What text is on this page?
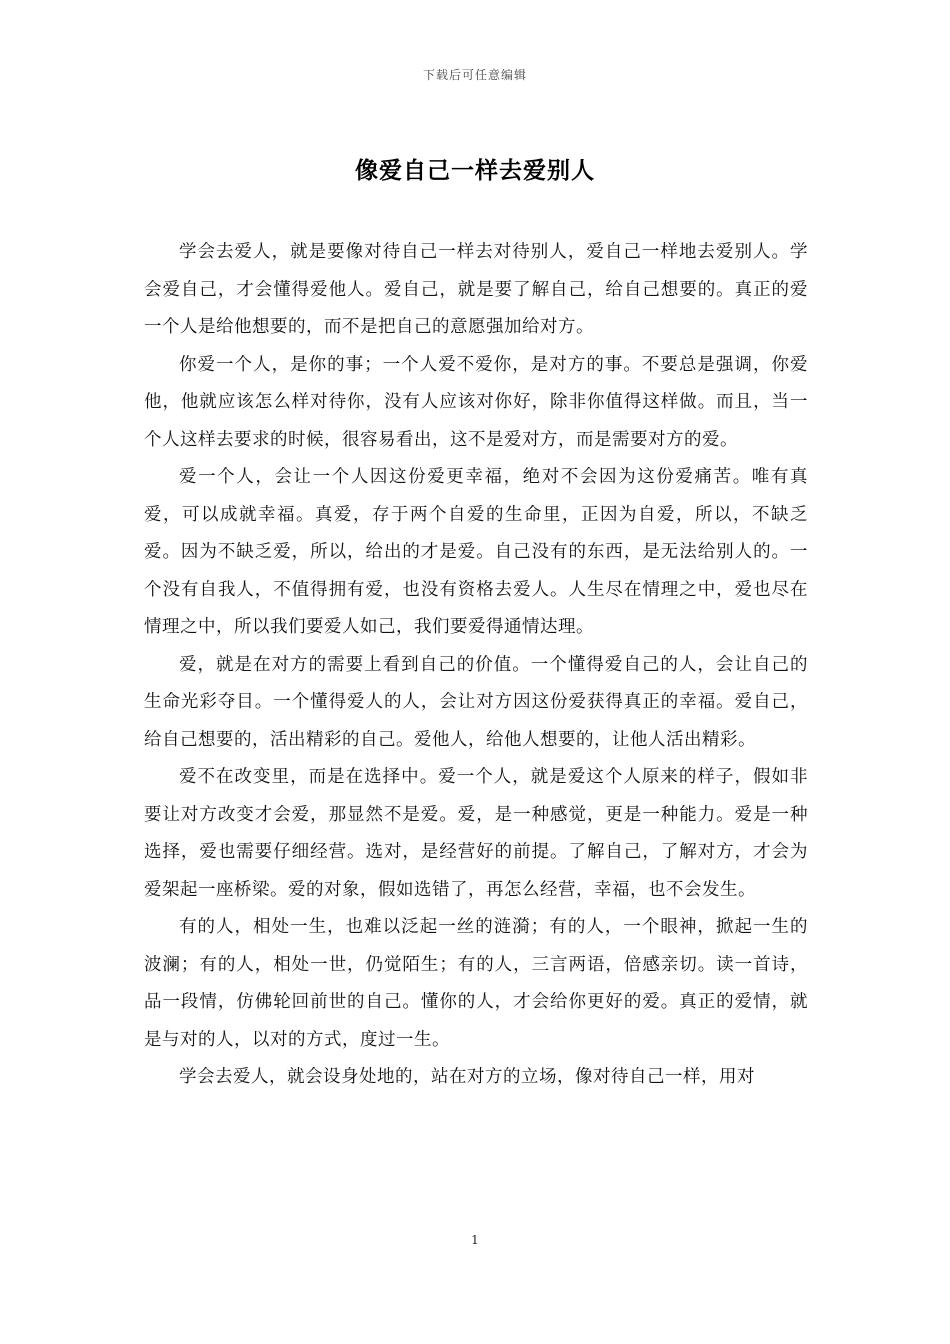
下载后可任意编辑
像爱自己一样去爱别人

学会去爱人，就是要像对待自己一样去对待别人，爱自己一样地去爱别人。学会爱自己，才会懂得爱他人。爱自己，就是要了解自己，给自己想要的。真正的爱一个人是给他想要的，而不是把自己的意愿强加给对方。

你爱一个人，是你的事；一个人爱不爱你，是对方的事。不要总是强调，你爱他，他就应该怎么样对待你，没有人应该对你好，除非你值得这样做。而且，当一个人这样去要求的时候，很容易看出，这不是爱对方，而是需要对方的爱。

爱一个人，会让一个人因这份爱更幸福，绝对不会因为这份爱痛苦。唯有真爱，可以成就幸福。真爱，存于两个自爱的生命里，正因为自爱，所以，不缺乏爱。因为不缺乏爱，所以，给出的才是爱。自己没有的东西，是无法给别人的。一个没有自我人，不值得拥有爱，也没有资格去爱人。人生尽在情理之中，爱也尽在情理之中，所以我们要爱人如己，我们要爱得通情达理。

爱，就是在对方的需要上看到自己的价值。一个懂得爱自己的人，会让自己的生命光彩夺目。一个懂得爱人的人，会让对方因这份爱获得真正的幸福。爱自己，给自己想要的，活出精彩的自己。爱他人，给他人想要的，让他人活出精彩。

爱不在改变里，而是在选择中。爱一个人，就是爱这个人原来的样子，假如非要让对方改变才会爱，那显然不是爱。爱，是一种感觉，更是一种能力。爱是一种选择，爱也需要仔细经营。选对，是经营好的前提。了解自己，了解对方，才会为爱架起一座桥梁。爱的对象，假如选错了，再怎么经营，幸福，也不会发生。

有的人，相处一生，也难以泛起一丝的涟漪；有的人，一个眼神，掀起一生的波澜；有的人，相处一世，仍觉陌生；有的人，三言两语，倍感亲切。读一首诗，品一段情，仿佛轮回前世的自己。懂你的人，才会给你更好的爱。真正的爱情，就是与对的人，以对的方式，度过一生。

学会去爱人，就会设身处地的，站在对方的立场，像对待自己一样，用对

1
